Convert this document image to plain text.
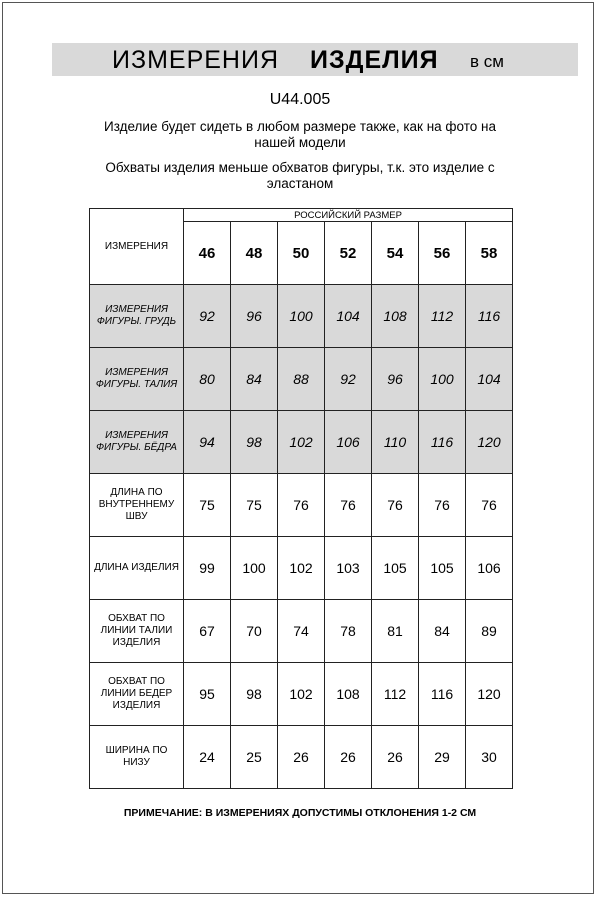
ИЗМЕРЕНИЯ ИЗДЕЛИЯ в см
U44.005
Изделие будет сидеть в любом размере также, как на фото на
нашей модели
Обхваты изделия меньше обхватов фигуры, т.к. это изделие с
эластаном
ИЗМЕРЕНИЯ	РОССИЙСКИЙ РАЗМЕР						
	46	48	50	52	54	56	58

ИЗМЕРЕНИЯ
ФИГУРЫ. ГРУДЬ	92	96	100	104	108	112	116

ИЗМЕРЕНИЯ
ФИГУРЫ. ТАЛИЯ	80	84	88	92	96	100	104

ИЗМЕРЕНИЯ
ФИГУРЫ. БЁДРА	94	98	102	106	110	116	120

ДЛИНА ПО
ВНУТРЕННЕМУ
ШВУ	75	75	76	76	76	76	76

ДЛИНА ИЗДЕЛИЯ	99	100	102	103	105	105	106

ОБХВАТ ПО
ЛИНИИ ТАЛИИ
ИЗДЕЛИЯ	67	70	74	78	81	84	89

ОБХВАТ ПО
ЛИНИИ БЕДЕР
ИЗДЕЛИЯ	95	98	102	108	112	116	120

ШИРИНА ПО
НИЗУ	24	25	26	26	26	29	30
ПРИМЕЧАНИЕ: В ИЗМЕРЕНИЯХ ДОПУСТИМЫ ОТКЛОНЕНИЯ 1-2 СМ
